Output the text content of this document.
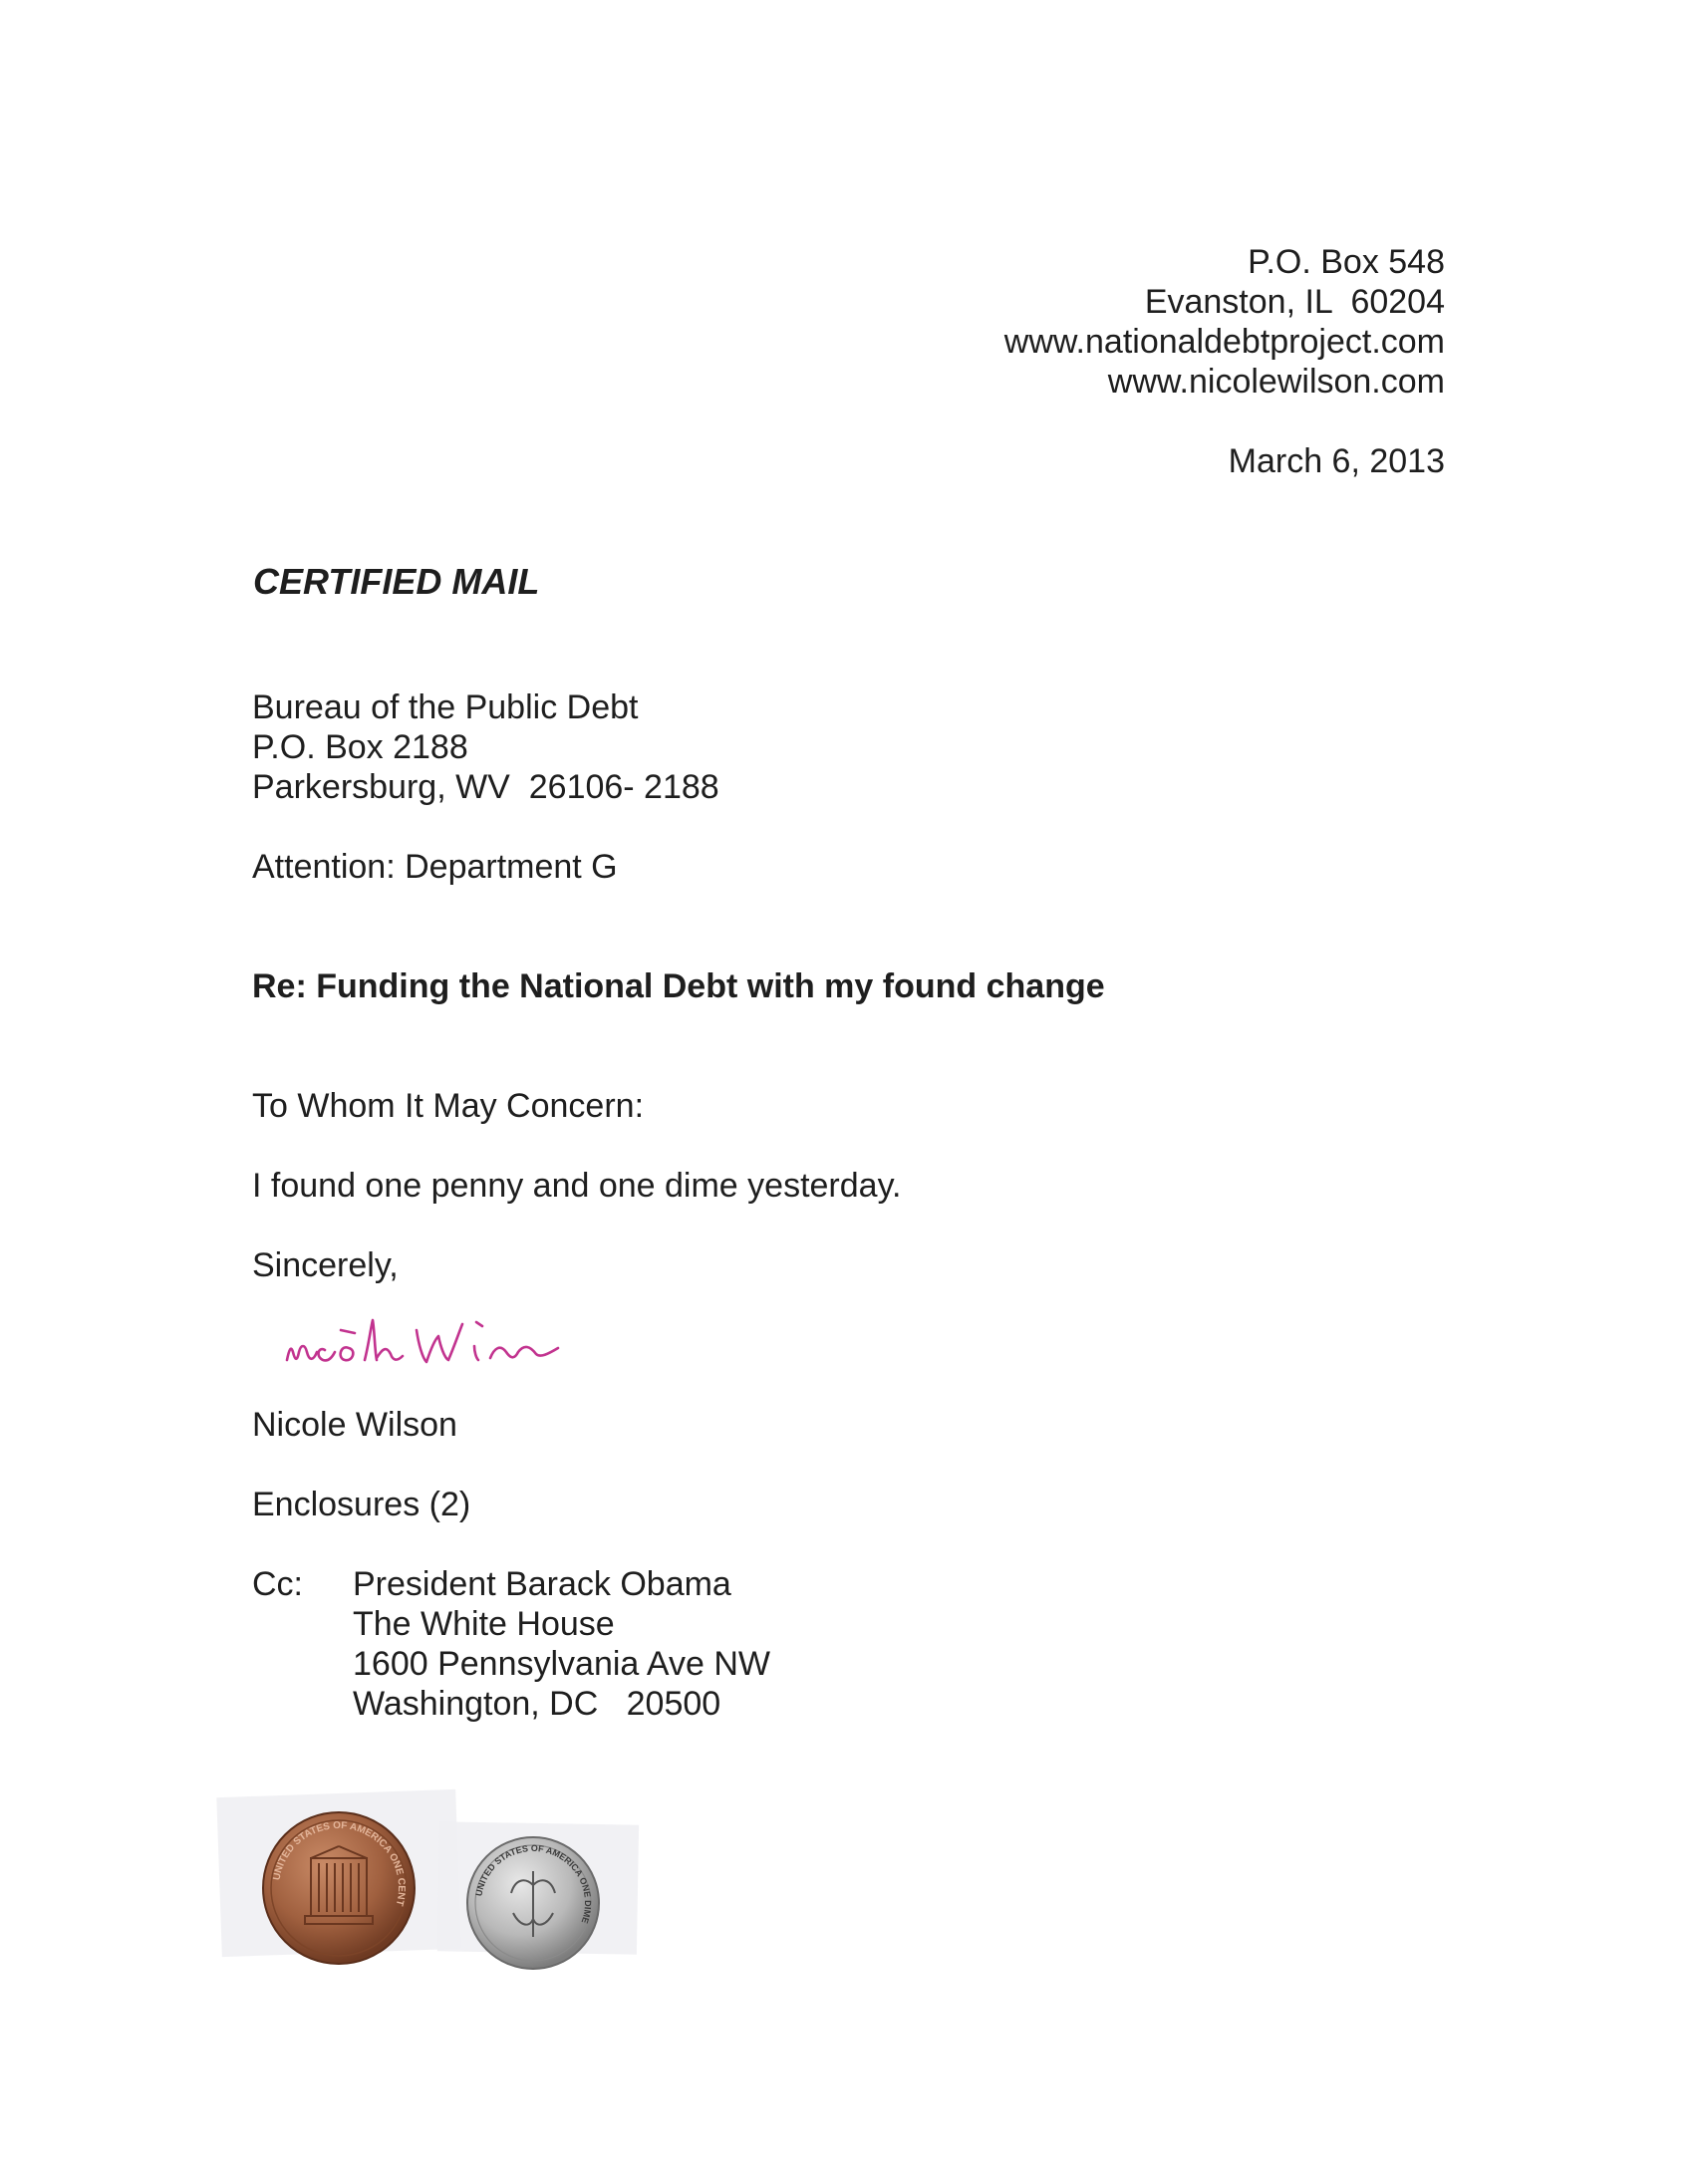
P.O. Box 548
Evanston, IL  60204
www.nationaldebtproject.com
www.nicolewilson.com
March 6, 2013
CERTIFIED MAIL
Bureau of the Public Debt
P.O. Box 2188
Parkersburg, WV  26106- 2188
Attention: Department G
Re: Funding the National Debt with my found change
To Whom It May Concern:
I found one penny and one dime yesterday.
Sincerely,
Nicole Wilson
Enclosures (2)
Cc: President Barack Obama
The White House
1600 Pennsylvania Ave NW
Washington, DC   20500
UNITED STATES OF AMERICA ONE CENT
UNITED STATES OF AMERICA ONE DIME
